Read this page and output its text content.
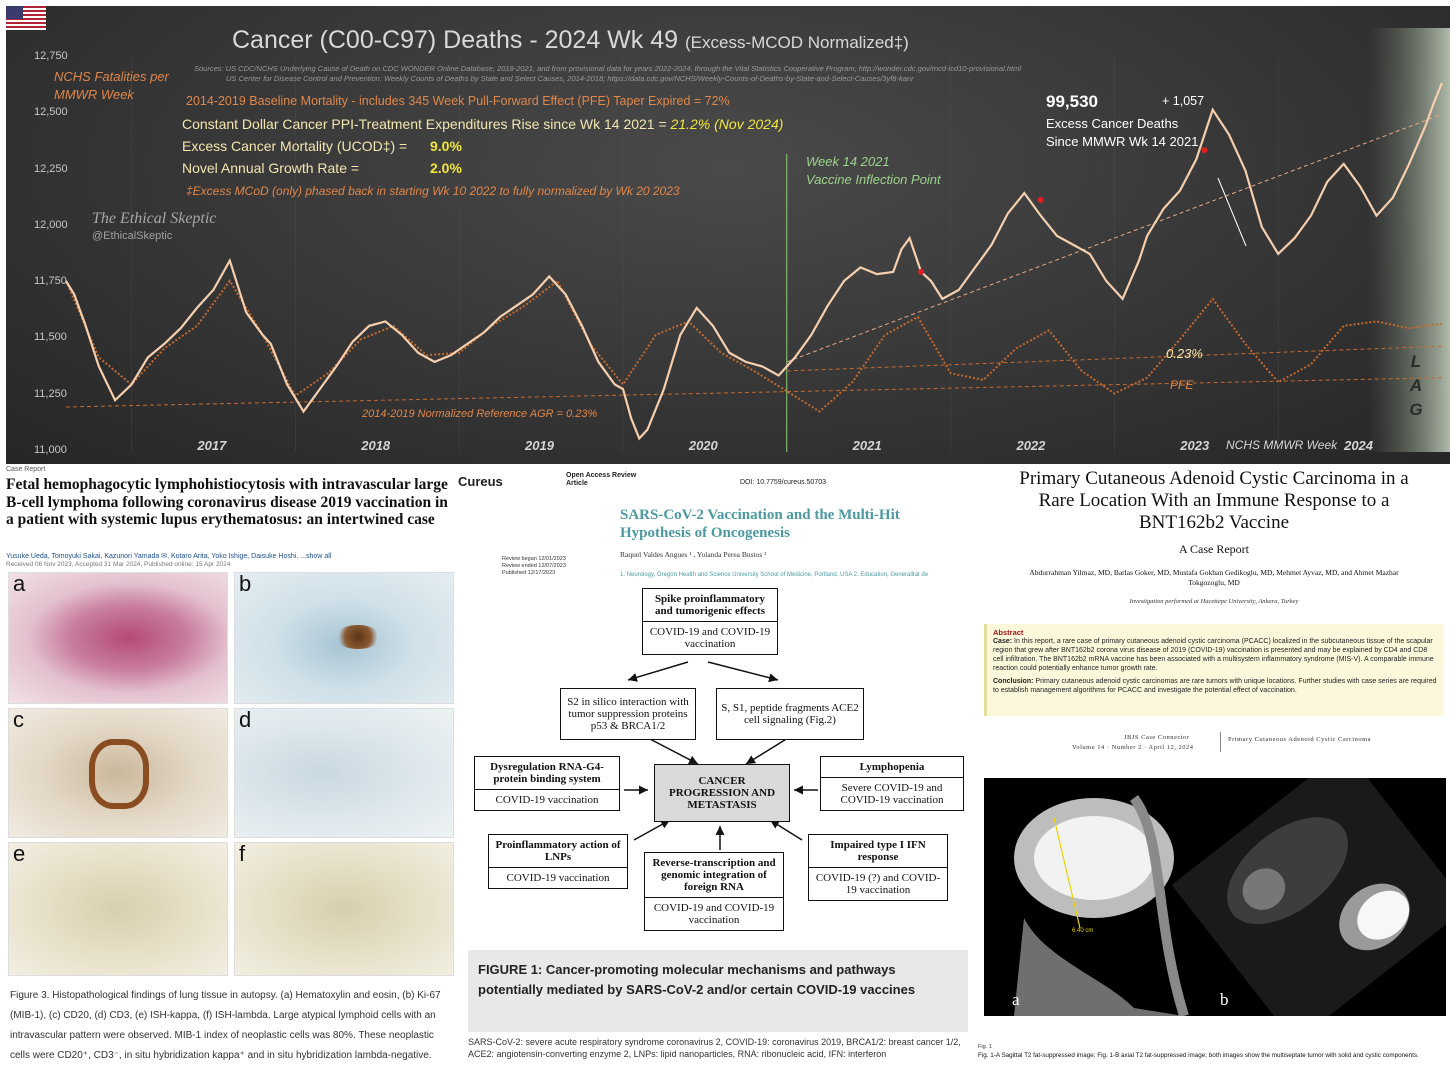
Cancer (C00-C97) Deaths - 2024 Wk 49 (Excess-MCOD Normalized‡)
Sources: US CDC/NCHS Underlying Cause of Death on CDC WONDER Online Database, 2018-2021, and from provisional data for years 2022-2024, through the Vital Statistics Cooperative Program; http://wonder.cdc.gov/mcd-icd10-provisional.html
US Center for Disease Control and Prevention: Weekly Counts of Deaths by State and Select Causes, 2014-2018; https://data.cdc.gov/NCHS/Weekly-Counts-of-Deaths-by-State-and-Select-Causes/3yf8-kanr
NCHS Fatalities per MMWR Week	2014-2019 Baseline Mortality - includes 345 Week Pull-Forward Effect (PFE) Taper Expired = 72%
Constant Dollar Cancer PPI-Treatment Expenditures Rise since Wk 14 2021 = 21.2% (Nov 2024)
Excess Cancer Mortality (UCOD‡) = 9.0%
Novel Annual Growth Rate =	2.0%
‡Excess MCoD (only) phased back in starting Wk 10 2022 to fully normalized by Wk 20 2023
The Ethical Skeptic
@EthicalSkeptic
Week 14 2021
Vaccine Inflection Point
99,530	+ 1,057
Excess Cancer Deaths
Since MMWR Wk 14 2021
0.23%
PFE
2014-2019 Normalized Reference AGR = 0.23%
L
A
G
NCHS MMWR Week
12,750
12,500
12,250
12,000
11,750
11,500
11,250
11,000	2017	2018	2019	2020	2021	2022	2023	2024
Case Report
Fetal hemophagocytic lymphohistiocytosis with intravascular large B-cell lymphoma following coronavirus disease 2019 vaccination in a patient with systemic lupus erythematosus: an intertwined case
Yusuke Ueda, Tomoyuki Sakai, Kazunori Yamada ✉, Kotaro Arita, Yoko Ishige, Daisuke Hoshi, ...show all
Received 06 Nov 2023, Accepted 31 Mar 2024, Published online: 15 Apr 2024
a	b
c	d
e	f
Figure 3. Histopathological findings of lung tissue in autopsy. (a) Hematoxylin and eosin, (b) Ki-67 (MIB-1), (c) CD20, (d) CD3, (e) ISH-kappa, (f) ISH-lambda. Large atypical lymphoid cells with an intravascular pattern were observed. MIB-1 index of neoplastic cells was 80%. These neoplastic cells were CD20⁺, CD3⁻, in situ hybridization kappa⁺ and in situ hybridization lambda-negative.
Cureus	Open Access Review
Article	DOI: 10.7759/cureus.50703
SARS-CoV-2 Vaccination and the Multi-Hit Hypothesis of Oncogenesis
Raquel Valdes Angues ¹ , Yolanda Perea Bustos ²
Review began 12/01/2023
Review ended 12/07/2023
Published 12/17/2023	1. Neurology, Oregon Health and Science University School of Medicine, Portland, USA 2. Education, Generalitat de
Spike proinflammatory and tumorigenic effects
COVID-19 and COVID-19 vaccination
S2 in silico interaction with tumor suppression proteins p53 & BRCA1/2
S, S1, peptide fragments ACE2 cell signaling (Fig.2)
Dysregulation RNA-G4-protein binding system
COVID-19 vaccination
CANCER PROGRESSION AND METASTASIS
Lymphopenia
Severe COVID-19 and COVID-19 vaccination
Proinflammatory action of LNPs
COVID-19 vaccination
Reverse-transcription and genomic integration of foreign RNA
COVID-19 and COVID-19 vaccination
Impaired type I IFN response
COVID-19 (?) and COVID-19 vaccination
FIGURE 1: Cancer-promoting molecular mechanisms and pathways potentially mediated by SARS-CoV-2 and/or certain COVID-19 vaccines
SARS-CoV-2: severe acute respiratory syndrome coronavirus 2, COVID-19: coronavirus 2019, BRCA1/2: breast cancer 1/2, ACE2: angiotensin-converting enzyme 2, LNPs: lipid nanoparticles, RNA: ribonucleic acid, IFN: interferon
Primary Cutaneous Adenoid Cystic Carcinoma in a Rare Location With an Immune Response to a BNT162b2 Vaccine
A Case Report
Abdurrahman Yilmaz, MD, Barlas Goker, MD, Mustafa Gokhan Gedikoglu, MD, Mehmet Ayvaz, MD, and Ahmet Mazhar Tokgozoglu, MD
Investigation performed at Hacettepe University, Ankara, Turkey
Abstract
Case: In this report, a rare case of primary cutaneous adenoid cystic carcinoma (PCACC) localized in the subcutaneous tissue of the scapular region that grew after BNT162b2 corona virus disease of 2019 (COVID-19) vaccination is presented and may be explained by CD4 and CD8 cell infiltration. The BNT162b2 mRNA vaccine has been associated with a multisystem inflammatory syndrome (MIS-V). A comparable immune reaction could potentially enhance tumor growth rate.
Conclusion: Primary cutaneous adenoid cystic carcinomas are rare tumors with unique locations. Further studies with case series are required to establish management algorithms for PCACC and investigate the potential effect of vaccination.
JBJS Case Connector
Volume 14 · Number 2 · April 12, 2024
Primary Cutaneous Adenoid Cystic Carcinoma
6.40 cm
a	b
Fig. 1
Fig. 1-A Sagittal T2 fat-suppressed image; Fig. 1-B axial T2 fat-suppressed image; both images show the multiseptate tumor with solid and cystic components.
